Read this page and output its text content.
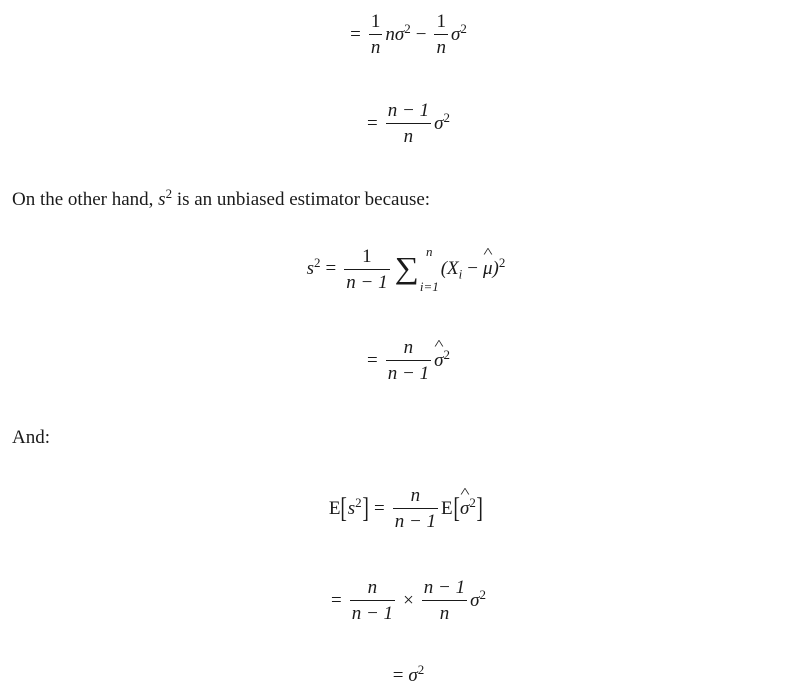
= $\frac{1}{n} n\sigma^2 - \frac{1}{n} \sigma^2$
= $\frac{n - 1}{n} \sigma^2$
On the other hand, $s^2$ is an unbiased estimator because:
$s^2 = \frac{1}{n - 1}$ ∑
n
i=1
($X_i$ − ^ μ )$^2$
= $\frac{n}{n - 1}$ ^ $\sigma^2$
And:
E [ $s^2$ ] = $\frac{n}{n - 1}$ E [ ^ $\sigma^2$ ]
= $\frac{n}{n - 1} \times \frac{n - 1}{n} \sigma^2$
= $\sigma^2$
